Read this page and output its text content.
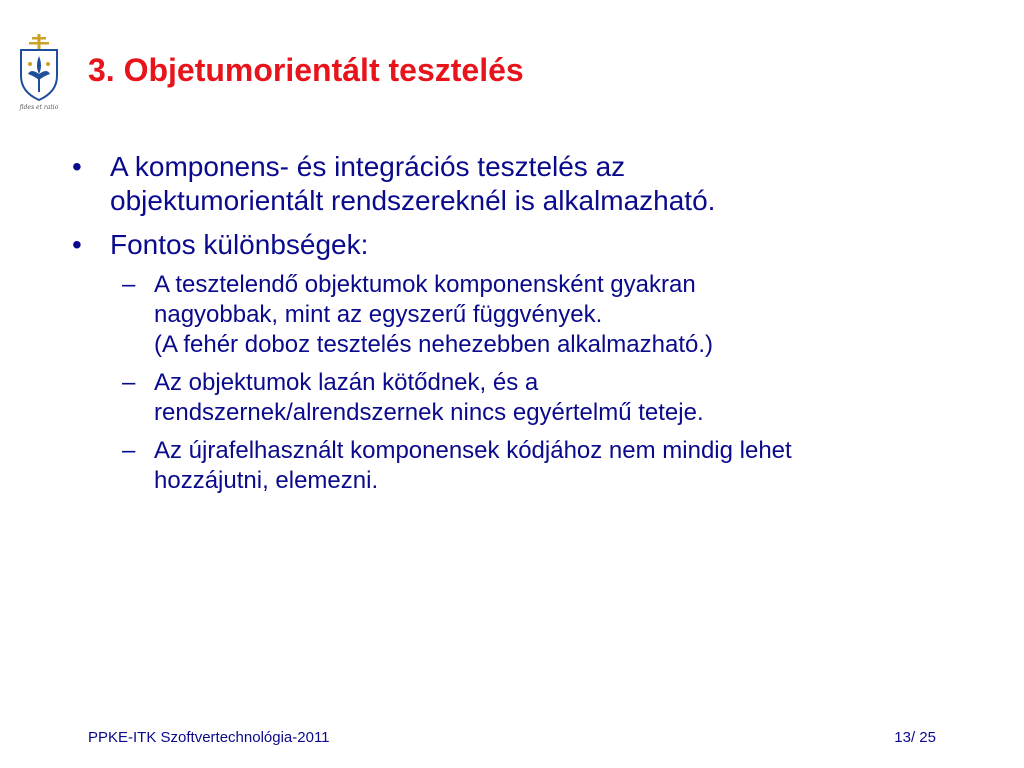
fides et ratio
3. Objetumorientált tesztelés
• A komponens- és integrációs tesztelés az
objektumorientált rendszereknél is alkalmazható.
• Fontos különbségek:
– A tesztelendő objektumok komponensként gyakran
nagyobbak, mint az egyszerű függvények.
(A fehér doboz tesztelés nehezebben alkalmazható.)
– Az objektumok lazán kötődnek, és a
rendszernek/alrendszernek nincs egyértelmű teteje.
– Az újrafelhasznált komponensek kódjához nem mindig lehet
hozzájutni, elemezni.
PPKE-ITK Szoftvertechnológia-2011	13/ 25
